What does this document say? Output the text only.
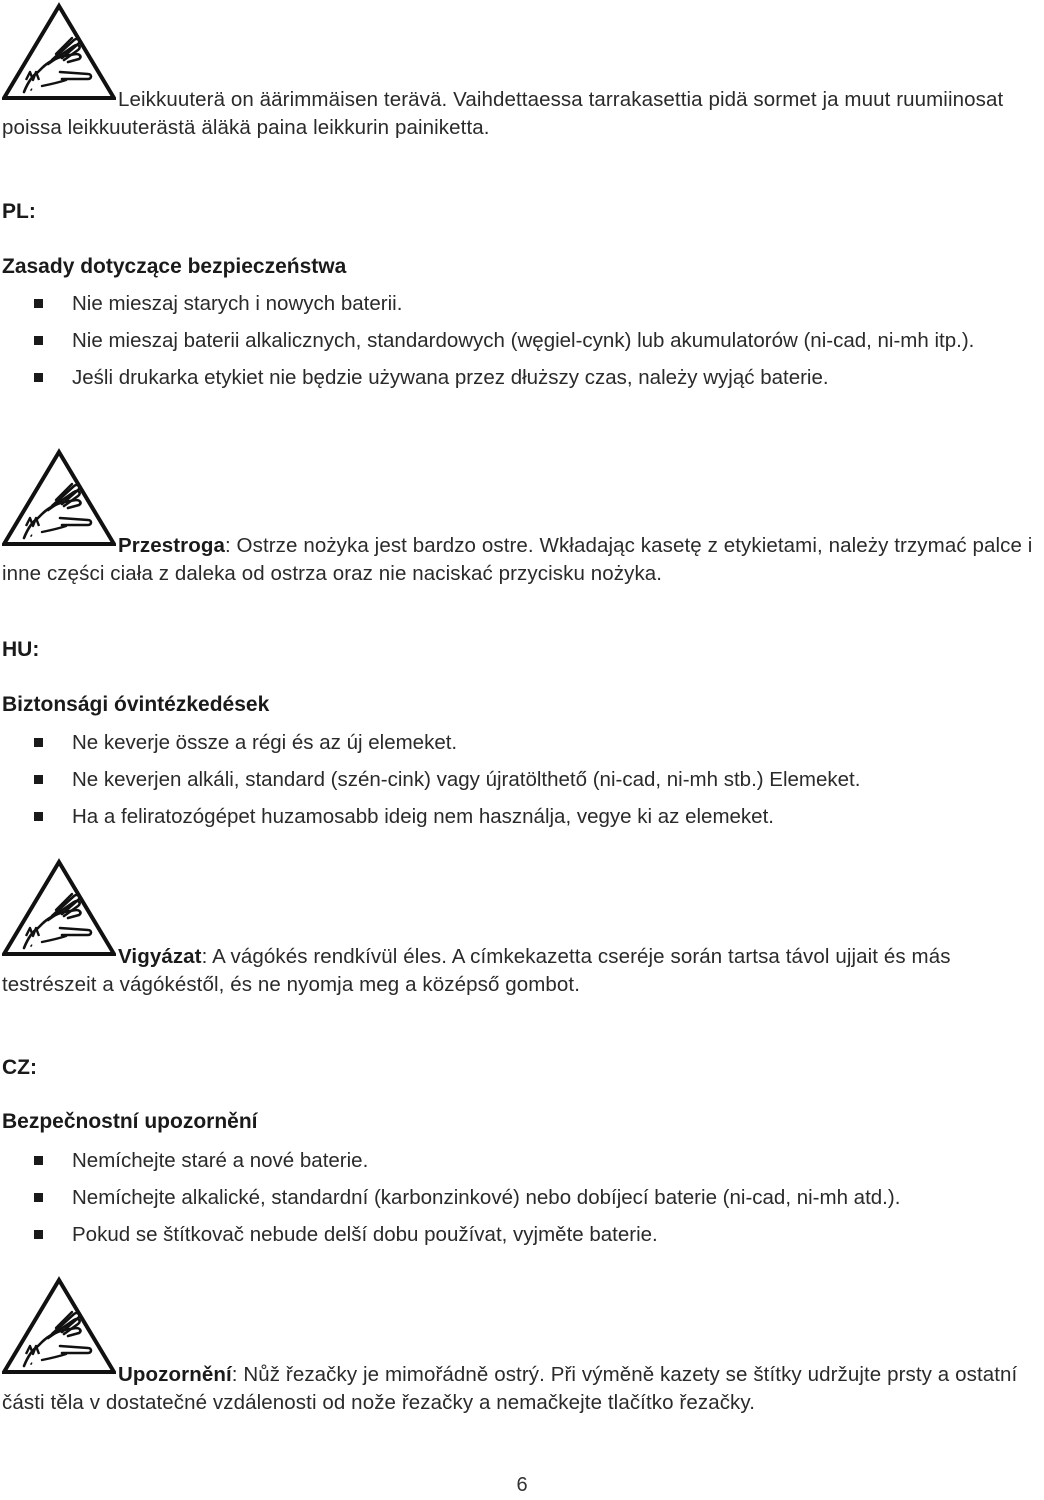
Leikkuuterä on äärimmäisen terävä. Vaihdettaessa tarrakasettia pidä sormet ja muut ruumiinosat poissa leikkuuterästä äläkä paina leikkurin painiketta.

PL:

Zasady dotyczące bezpieczeństwa

Nie mieszaj starych i nowych baterii.
Nie mieszaj baterii alkalicznych, standardowych (węgiel-cynk) lub akumulatorów (ni-cad, ni-mh itp.).
Jeśli drukarka etykiet nie będzie używana przez dłuższy czas, należy wyjąć baterie.

Przestroga: Ostrze nożyka jest bardzo ostre. Wkładając kasetę z etykietami, należy trzymać palce i inne części ciała z daleka od ostrza oraz nie naciskać przycisku nożyka.

HU:

Biztonsági óvintézkedések

Ne keverje össze a régi és az új elemeket.
Ne keverjen alkáli, standard (szén-cink) vagy újratölthető (ni-cad, ni-mh stb.) Elemeket.
Ha a feliratozógépet huzamosabb ideig nem használja, vegye ki az elemeket.

Vigyázat: A vágókés rendkívül éles. A címkekazetta cseréje során tartsa távol ujjait és más testrészeit a vágókéstől, és ne nyomja meg a középső gombot.

CZ:

Bezpečnostní upozornění

Nemíchejte staré a nové baterie.
Nemíchejte alkalické, standardní (karbonzinkové) nebo dobíjecí baterie (ni-cad, ni-mh atd.).
Pokud se štítkovač nebude delší dobu používat, vyjměte baterie.

Upozornění: Nůž řezačky je mimořádně ostrý. Při výměně kazety se štítky udržujte prsty a ostatní části těla v dostatečné vzdálenosti od nože řezačky a nemačkejte tlačítko řezačky.

6
